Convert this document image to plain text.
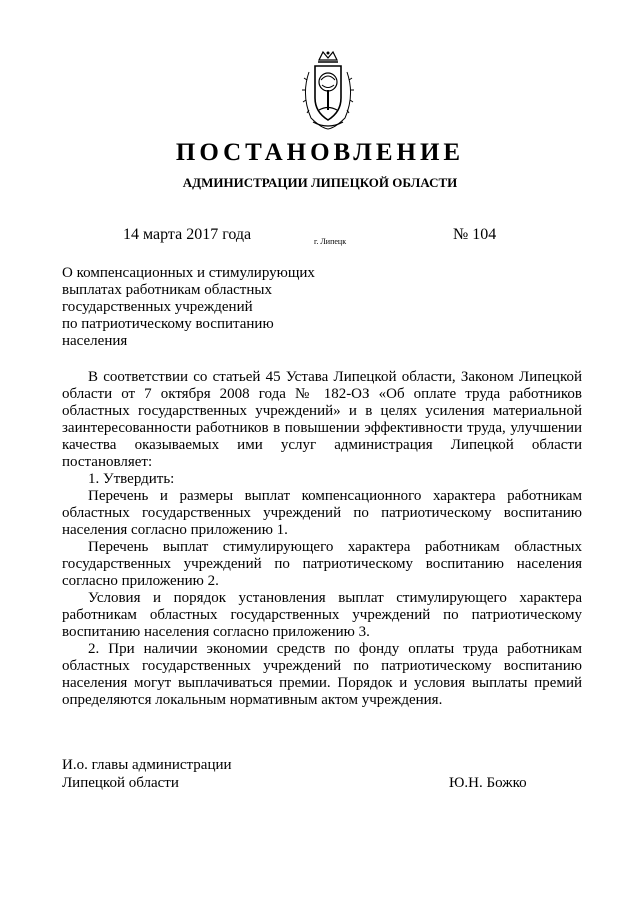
ПОСТАНОВЛЕНИЕ
АДМИНИСТРАЦИИ ЛИПЕЦКОЙ ОБЛАСТИ
14 марта 2017 года	г. Липецк	№ 104
О компенсационных и стимулирующих
выплатах работникам областных
государственных учреждений
по патриотическому воспитанию
населения

В соответствии со статьей 45 Устава Липецкой области, Законом Липецкой области от 7 октября 2008 года № 182-ОЗ «Об оплате труда работников областных государственных учреждений» и в целях усиления материальной заинтересованности работников в повышении эффективности труда, улучшении качества оказываемых ими услуг администрация Липецкой области постановляет:

1. Утвердить:

Перечень и размеры выплат компенсационного характера работникам областных государственных учреждений по патриотическому воспитанию населения согласно приложению 1.

Перечень выплат стимулирующего характера работникам областных государственных учреждений по патриотическому воспитанию населения согласно приложению 2.

Условия и порядок установления выплат стимулирующего характера работникам областных государственных учреждений по патриотическому воспитанию населения согласно приложению 3.

2. При наличии экономии средств по фонду оплаты труда работникам областных государственных учреждений по патриотическому воспитанию населения могут выплачиваться премии. Порядок и условия выплаты премий определяются локальным нормативным актом учреждения.

И.о. главы администрации
Липецкой области	Ю.Н. Божко
